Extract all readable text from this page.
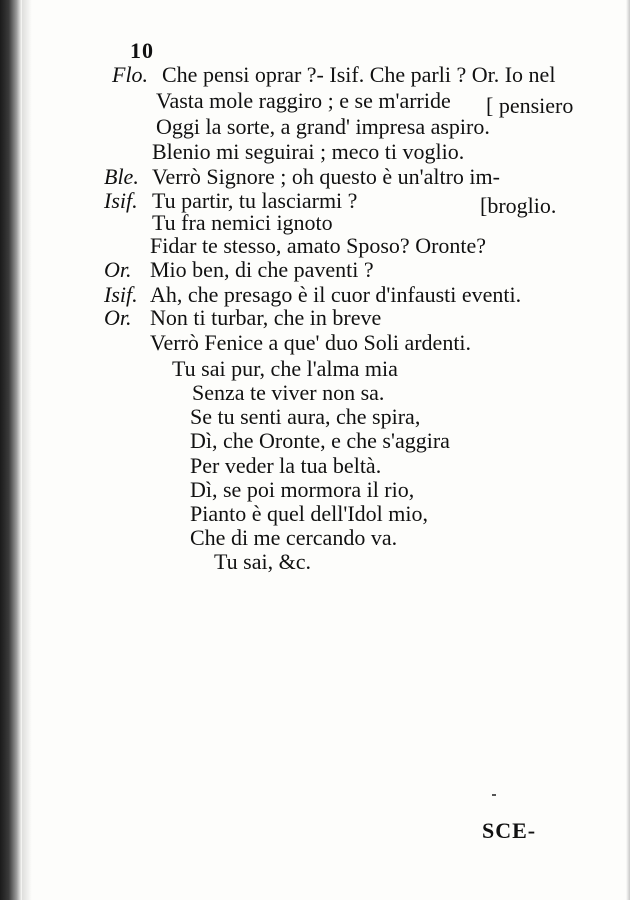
10
Flo.
Ble.
Isif.
Or.
Isif.
Or.
Che pensi oprar ?- Isif. Che parli ? Or. Io nel
Vasta mole raggiro ; e se m'arride [ pensiero
Oggi la sorte, a grand' impresa aspiro.
Blenio mi seguirai ; meco ti voglio.
Verrò Signore ; oh questo è un'altro im-
Tu partir, tu lasciarmi ?	[broglio.
Tu fra nemici ignoto
Fidar te stesso, amato Sposo? Oronte?
Mio ben, di che paventi ?
Ah, che presago è il cuor d'infausti eventi.
Non ti turbar, che in breve
Verrò Fenice a que' duo Soli ardenti.
Tu sai pur, che l'alma mia
Senza te viver non sa.
Se tu senti aura, che spira,
Dì, che Oronte, e che s'aggira
Per veder la tua beltà.
Dì, se poi mormora il rio,
Pianto è quel dell'Idol mio,
Che di me cercando va.
Tu sai, &c.
SCE-
